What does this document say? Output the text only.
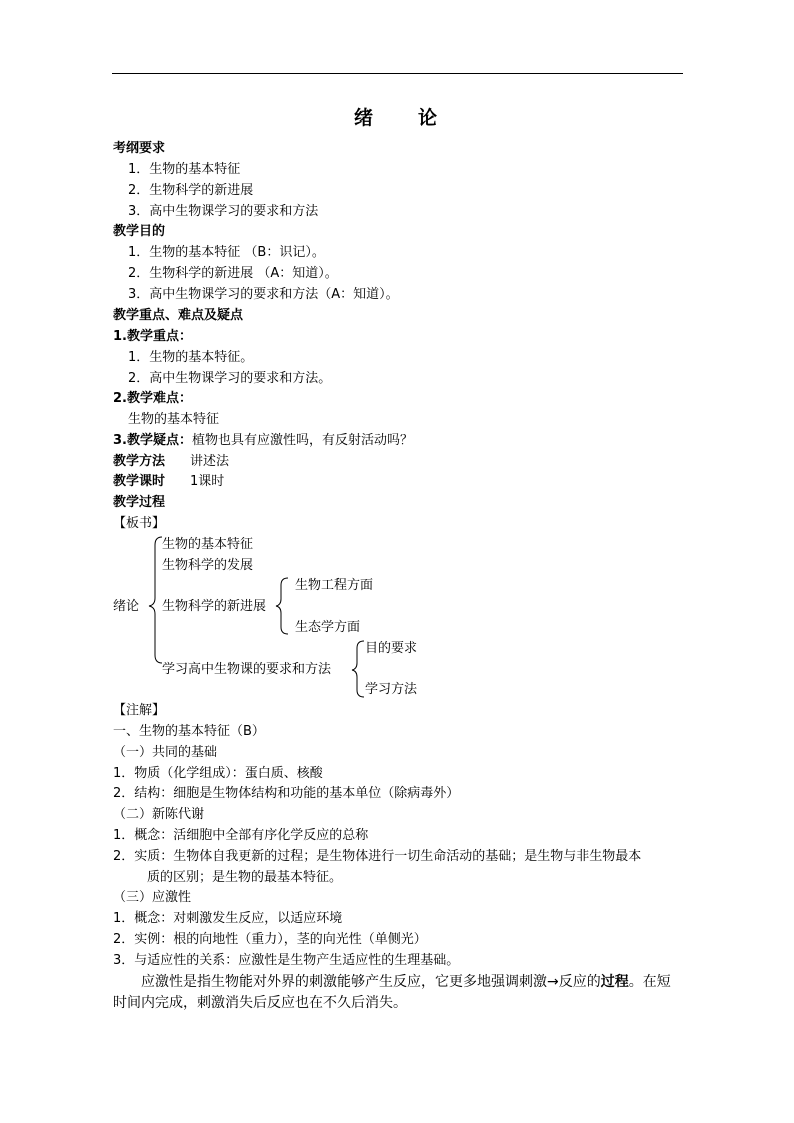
绪 论
考纲要求
1．生物的基本特征
2．生物科学的新进展
3．高中生物课学习的要求和方法
教学目的
1．生物的基本特征 （B：识记）。
2．生物科学的新进展 （A：知道）。
3．高中生物课学习的要求和方法（A：知道）。
教学重点、难点及疑点
1.教学重点：
1．生物的基本特征。
2．高中生物课学习的要求和方法。
2.教学难点：
生物的基本特征
3.教学疑点：植物也具有应激性吗，有反射活动吗？
教学方法 讲述法
教学课时 1课时
教学过程
【板书】
绪论
生物的基本特征
生物科学的发展
生物科学的新进展
生物工程方面
生态学方面
学习高中生物课的要求和方法
目的要求
学习方法
【注解】
一、生物的基本特征（B）
（一）共同的基础
1．物质（化学组成）：蛋白质、核酸
2．结构：细胞是生物体结构和功能的基本单位（除病毒外）
（二）新陈代谢
1．概念：活细胞中全部有序化学反应的总称
2．实质：生物体自我更新的过程；是生物体进行一切生命活动的基础；是生物与非生物最本
质的区别；是生物的最基本特征。
（三）应激性
1．概念：对刺激发生反应，以适应环境
2．实例：根的向地性（重力），茎的向光性（单侧光）
3．与适应性的关系：应激性是生物产生适应性的生理基础。
应激性是指生物能对外界的刺激能够产生反应，它更多地强调刺激→反应的过程。在短
时间内完成，刺激消失后反应也在不久后消失。
